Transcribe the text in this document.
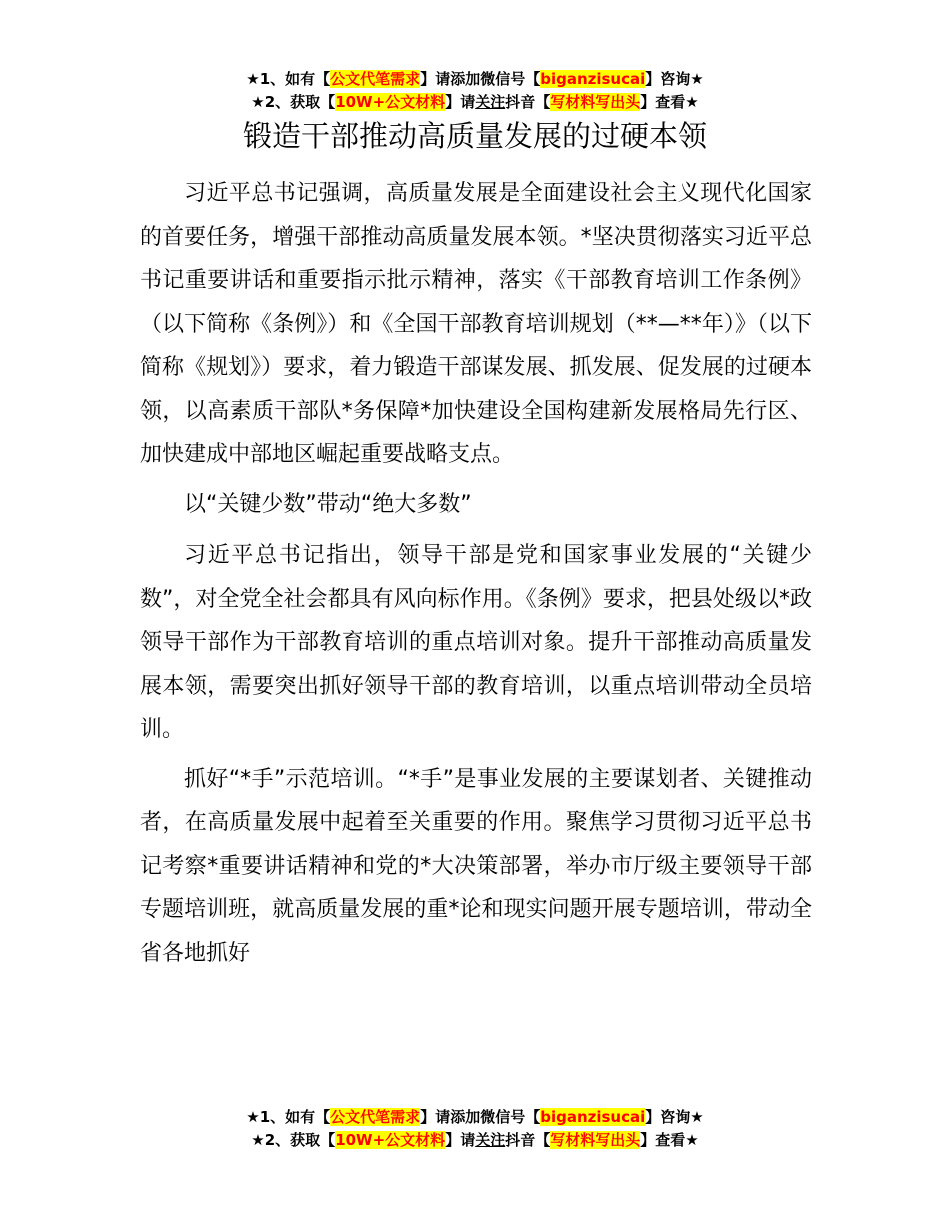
★1、如有【公文代笔需求】请添加微信号【biganzisucai】咨询★
★2、获取【10W+公文材料】请关注抖音【写材料写出头】查看★
锻造干部推动高质量发展的过硬本领

习近平总书记强调，高质量发展是全面建设社会主义现代化国家的首要任务，增强干部推动高质量发展本领。*坚决贯彻落实习近平总书记重要讲话和重要指示批示精神，落实《干部教育培训工作条例》（以下简称《条例》）和《全国干部教育培训规划（**—**年）》（以下简称《规划》）要求，着力锻造干部谋发展、抓发展、促发展的过硬本领，以高素质干部队*务保障*加快建设全国构建新发展格局先行区、加快建成中部地区崛起重要战略支点。

以“关键少数”带动“绝大多数”

习近平总书记指出，领导干部是党和国家事业发展的“关键少数”，对全党全社会都具有风向标作用。《条例》要求，把县处级以*政领导干部作为干部教育培训的重点培训对象。提升干部推动高质量发展本领，需要突出抓好领导干部的教育培训，以重点培训带动全员培训。

抓好“*手”示范培训。“*手”是事业发展的主要谋划者、关键推动者，在高质量发展中起着至关重要的作用。聚焦学习贯彻习近平总书记考察*重要讲话精神和党的*大决策部署，举办市厅级主要领导干部专题培训班，就高质量发展的重*论和现实问题开展专题培训，带动全省各地抓好

★1、如有【公文代笔需求】请添加微信号【biganzisucai】咨询★
★2、获取【10W+公文材料】请关注抖音【写材料写出头】查看★
